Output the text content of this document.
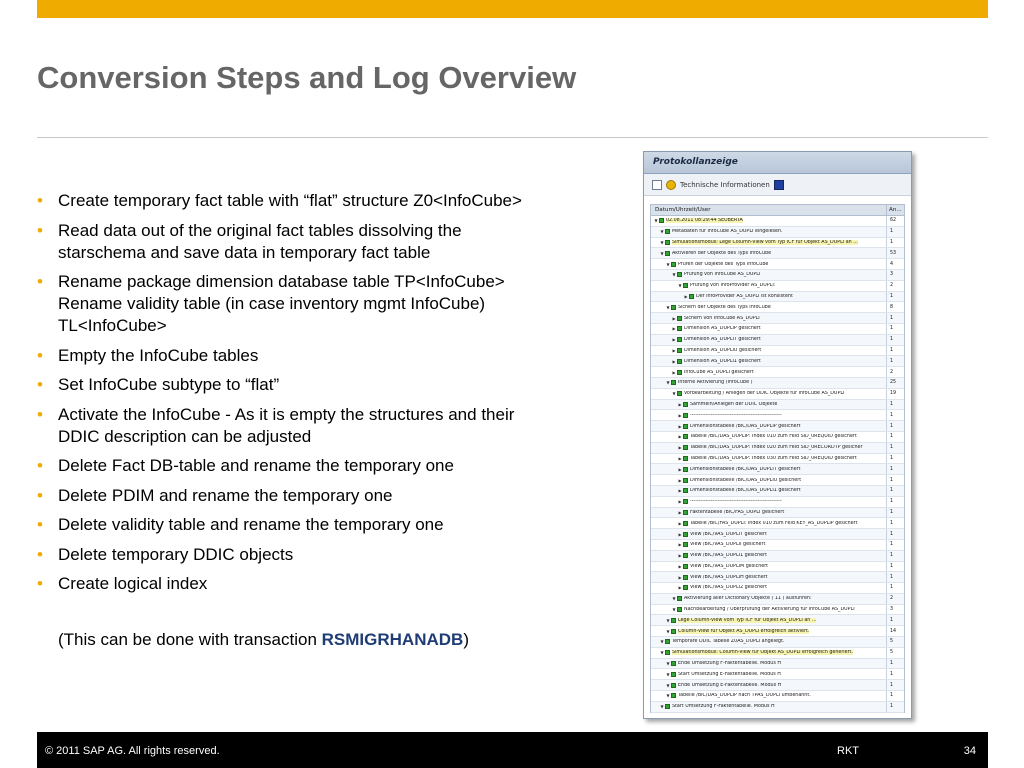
Conversion Steps and Log Overview
• Create temporary fact table with “flat” structure Z0<InfoCube>
• Read data out of the original fact tables dissolving the
starschema and save data in temporary fact table
• Rename package dimension database table TP<InfoCube>
Rename validity table (in case inventory mgmt InfoCube)
TL<InfoCube>
• Empty the InfoCube tables
• Set InfoCube subtype to “flat”
• Activate the InfoCube - As it is empty the structures and their
DDIC description can be adjusted
• Delete Fact DB-table and rename the temporary one
• Delete PDIM and rename the temporary one
• Delete validity table and rename the temporary one
• Delete temporary DDIC objects
• Create logical index
(This can be done with transaction RSMIGRHANADB)
Protokollanzeige
Technische Informationen
Datum/Uhrzeit/User	An...
▼	02.08.2011 08:29:44 SEUBERTA	62
▼	Metadaten für InfoCube AS_DUPLI eingelesen.	1
▼	Simulationsmodus: Lege Column-View vom Typ ICF für Objekt AS_DUPLI an ...	1
▼	Aktivieren der Objekte des Typs InfoCube	53
▼	Prüfen der Objekte des Typs InfoCube	4
▼	Prüfung von InfoCube AS_DUPLI	3
▼	Prüfung von InfoProvider AS_DUPLI:	2
▶	Der InfoProvider AS_DUPLI ist konsistent	1
▼	Sichern der Objekte des Typs InfoCube	8
▶	Sichern von InfoCube AS_DUPLI	1
▶	Dimension AS_DUPLIP gesichert	1
▶	Dimension AS_DUPLIT gesichert	1
▶	Dimension AS_DUPLIU gesichert	1
▶	Dimension AS_DUPLI1 gesichert	1
▶	InfoCube AS_DUPLI gesichert	2
▼	Interne Aktivierung (InfoCube )	25
▼	Vorbearbeitung / Anlegen der DDIC Objekte für InfoCube AS_DUPLI	19
▶	Sammeln/Anlegen der DDIC Objekte	1
▶	-----------------------------------------------------	1
▶	Dimensionstabelle /BIC/DAS_DUPLIP gesichert	1
▶	Tabelle /BIC/DAS_DUPLIP: Index 010 zum Feld SID_0REQUID gesichert	1
▶	Tabelle /BIC/DAS_DUPLIP: Index 020 zum Feld SID_0RECORDTP gesicher	1
▶	Tabelle /BIC/DAS_DUPLIP: Index 030 zum Feld SID_0REQUID gesichert	1
▶	Dimensionstabelle /BIC/DAS_DUPLIT gesichert	1
▶	Dimensionstabelle /BIC/DAS_DUPLIU gesichert	1
▶	Dimensionstabelle /BIC/DAS_DUPLI1 gesichert	1
▶	-----------------------------------------------------	1
▶	Faktentabelle /BIC/FAS_DUPLI gesichert	1
▶	Tabelle /BIC/FAS_DUPLI: Index 010 zum Feld KEY_AS_DUPLIP gesichert	1
▶	View /BIC/VAS_DUPLIT gesichert	1
▶	View /BIC/VAS_DUPLII gesichert	1
▶	View /BIC/VAS_DUPLI1 gesichert	1
▶	View /BIC/VAS_DUPLIM gesichert	1
▶	View /BIC/VAS_DUPLIH gesichert	1
▶	View /BIC/VAS_DUPLI2 gesichert	1
▼	Aktivierung aller Dictionary Objekte ( 11 ) ausführen:	2
▼	Nachbearbeitung / Überprüfung der Aktivierung für InfoCube AS_DUPLI	3
▼	Lege Column-View vom Typ ICF für Objekt AS_DUPLI an ...	1
▼	Column-View für Objekt AS_DUPLI erfolgreich aktiviert.	14
▼	Temporäre DDIC Tabelle Z0AS_DUPLI angelegt.	5
▼	Simulationsmodus: Column-View für Objekt AS_DUPLI erfolgreich generiert.	5
▼	Ende Umsetzung F-Faktentabelle. Modus H	1
▼	Start Umsetzung E-Faktentabelle. Modus H	1
▼	Ende Umsetzung E-Faktentabelle. Modus H	1
▼	Tabelle /BIC/DAS_DUPLIP nach TPAS_DUPLI umbenannt.	1
▼	Start Umsetzung F-Faktentabelle. Modus H	1
© 2011 SAP AG. All rights reserved.	RKT	34
